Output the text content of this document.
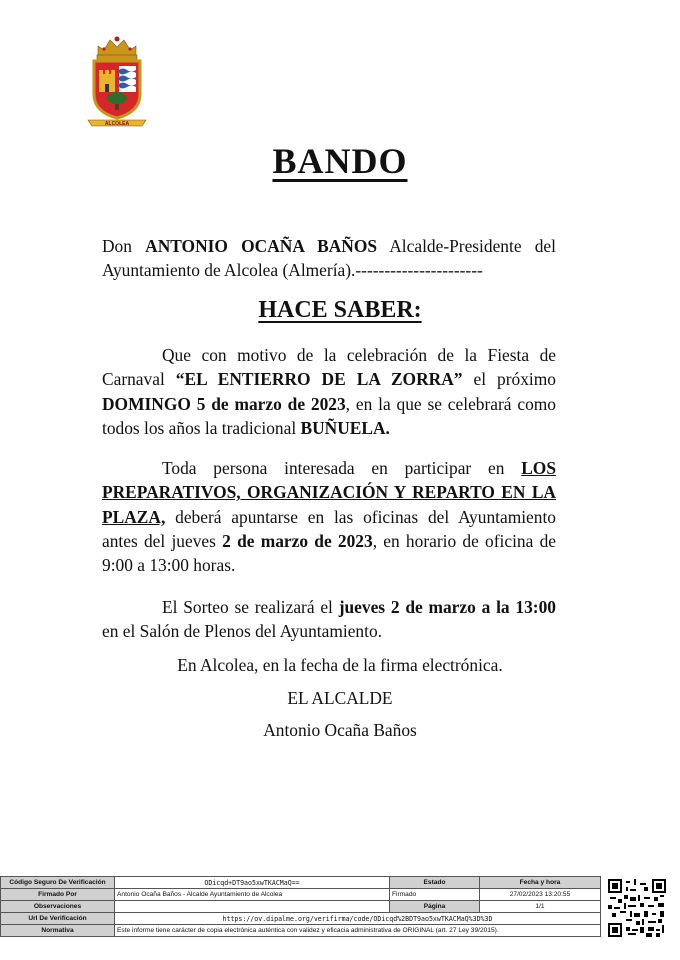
ALCOLEA
BANDO
Don ANTONIO OCAÑA BAÑOS Alcalde-Presidente del Ayuntamiento de Alcolea (Almería).----------------------
HACE SABER:
Que con motivo de la celebración de la Fiesta de Carnaval “EL ENTIERRO DE LA ZORRA” el próximo DOMINGO 5 de marzo de 2023, en la que se celebrará como todos los años la tradicional BUÑUELA.
Toda persona interesada en participar en LOS PREPARATIVOS, ORGANIZACIÓN Y REPARTO EN LA PLAZA, deberá apuntarse en las oficinas del Ayuntamiento antes del jueves 2 de marzo de 2023, en horario de oficina de 9:00 a 13:00 horas.
El Sorteo se realizará el jueves 2 de marzo a la 13:00 en el Salón de Plenos del Ayuntamiento.
En Alcolea, en la fecha de la firma electrónica.
EL ALCALDE
Antonio Ocaña Baños
Código Seguro De Verificación	ODicqd+DT9ao5xwTKACMaQ==	Estado	Fecha y hora
Firmado Por	Antonio Ocaña Baños - Alcalde Ayuntamiento de Alcolea	Firmado	27/02/2023 13:20:55
Observaciones		Página	1/1
Url De Verificación	https://ov.dipalme.org/verifirma/code/ODicqd%2BDT9ao5xwTKACMaQ%3D%3D		
Normativa	Este informe tiene carácter de copia electrónica auténtica con validez y eficacia administrativa de ORIGINAL (art. 27 Ley 39/2015).		
